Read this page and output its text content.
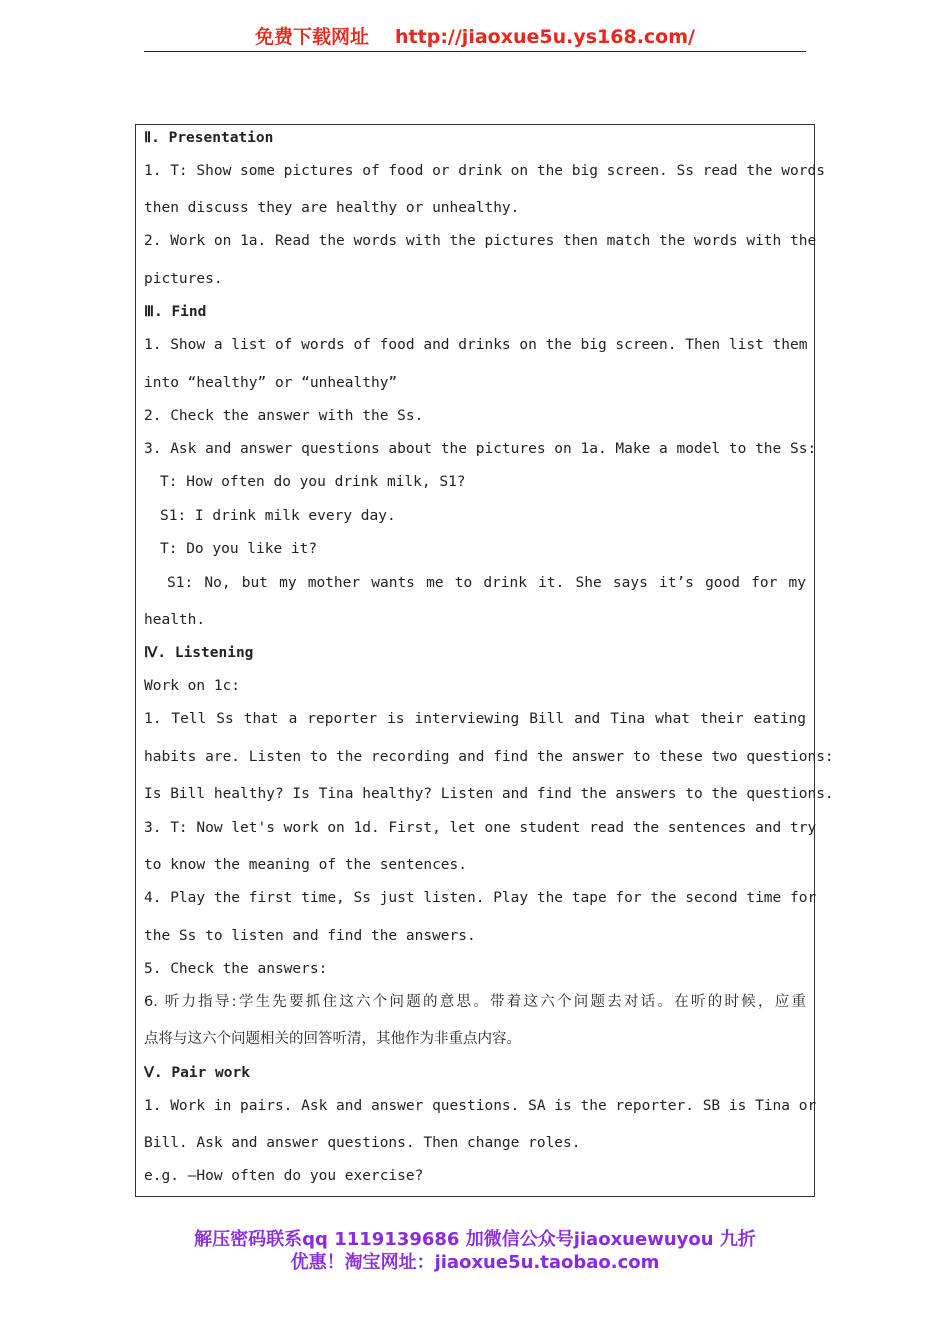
免费下载网址 http://jiaoxue5u.ys168.com/
Ⅱ. Presentation
1. T: Show some pictures of food or drink on the big screen. Ss read the words
then discuss they are healthy or unhealthy.
2. Work on 1a. Read the words with the pictures then match the words with the
pictures.
Ⅲ. Find
1. Show a list of words of food and drinks on the big screen. Then list them
into “healthy” or “unhealthy”
2. Check the answer with the Ss.
3. Ask and answer questions about the pictures on 1a. Make a model to the Ss:
T: How often do you drink milk, S1?
S1: I drink milk every day.
T: Do you like it?
S1: No, but my mother wants me to drink it. She says it’s good for my
health.
Ⅳ. Listening
Work on 1c:
1. Tell Ss that a reporter is interviewing Bill and Tina what their eating
habits are. Listen to the recording and find the answer to these two questions:
Is Bill healthy? Is Tina healthy? Listen and find the answers to the questions.
3. T: Now let's work on 1d. First, let one student read the sentences and try
to know the meaning of the sentences.
4. Play the first time, Ss just listen. Play the tape for the second time for
the Ss to listen and find the answers.
5. Check the answers:
6. 听力指导:学生先要抓住这六个问题的意思。带着这六个问题去对话。在听的时候，应重
点将与这六个问题相关的回答听清，其他作为非重点内容。
Ⅴ. Pair work
1. Work in pairs. Ask and answer questions. SA is the reporter. SB is Tina or
Bill. Ask and answer questions. Then change roles.
e.g. —How often do you exercise?
解压密码联系qq 1119139686 加微信公众号jiaoxuewuyou 九折
优惠！淘宝网址：jiaoxue5u.taobao.com
